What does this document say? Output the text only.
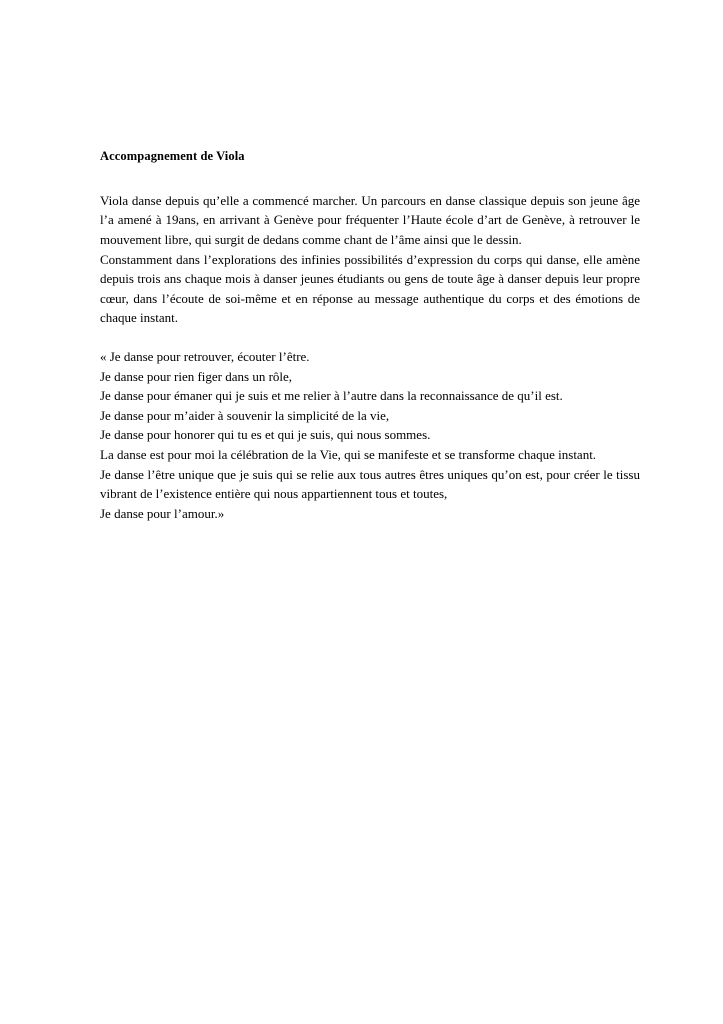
Accompagnement de Viola

Viola danse depuis qu’elle a commencé marcher. Un parcours en danse classique depuis son jeune âge l’a amené à 19ans, en arrivant à Genève pour fréquenter l’Haute école d’art de Genève, à retrouver le mouvement libre, qui surgit de dedans comme chant de l’âme ainsi que le dessin.

Constamment dans l’explorations des infinies possibilités d’expression du corps qui danse, elle amène depuis trois ans chaque mois à danser jeunes étudiants ou gens de toute âge à danser depuis leur propre cœur, dans l’écoute de soi-même et en réponse au message authentique du corps et des émotions de chaque instant.

« Je danse pour retrouver, écouter l’être.
Je danse pour rien figer dans un rôle,
Je danse pour émaner qui je suis et me relier à l’autre dans la reconnaissance de qu’il est.
Je danse pour m’aider à souvenir la simplicité de la vie,
Je danse pour honorer qui tu es et qui je suis, qui nous sommes.
La danse est pour moi la célébration de la Vie, qui se manifeste et se transforme chaque instant.
Je danse l’être unique que je suis qui se relie aux tous autres êtres uniques qu’on est, pour créer le tissu vibrant de l’existence entière qui nous appartiennent tous et toutes,
Je danse pour l’amour.»
